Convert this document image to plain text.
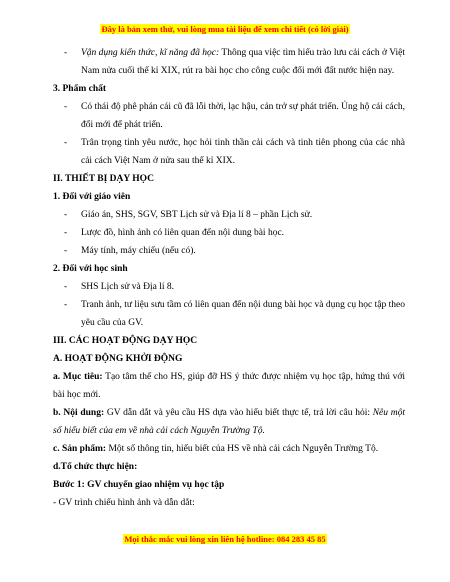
Đây là bản xem thử, vui lòng mua tài liệu để xem chi tiết (có lời giải)
- Vận dụng kiến thức, kĩ năng đã học: Thông qua việc tìm hiểu trào lưu cải cách ở Việt Nam nửa cuối thế kỉ XIX, rút ra bài học cho công cuộc đổi mới đất nước hiện nay.
3. Phẩm chất
- Có thái độ phê phán cái cũ đã lỗi thời, lạc hậu, cản trở sự phát triển. Ủng hộ cái cách, đổi mới để phát triển.
- Trân trọng tinh yêu nước, học hỏi tinh thần cải cách và tinh tiên phong của các nhà cải cách Việt Nam ở nửa sau thế kỉ XIX.
II. THIẾT BỊ DẠY HỌC
1. Đối với giáo viên
- Giáo án, SHS, SGV, SBT Lịch sử và Địa lí 8 – phần Lịch sử.
- Lược đồ, hình ảnh có liên quan đến nội dung bài học.
- Máy tính, máy chiếu (nếu có).
2. Đối với học sinh
- SHS Lịch sử và Địa lí 8.
- Tranh ảnh, tư liệu sưu tầm có liên quan đến nội dung bài học và dụng cụ học tập theo yêu cầu của GV.
III. CÁC HOẠT ĐỘNG DẠY HỌC
A. HOẠT ĐỘNG KHỞI ĐỘNG
a. Mục tiêu: Tạo tâm thế cho HS, giúp đỡ HS ý thức được nhiệm vụ học tập, hứng thú với bài học mới.
b. Nội dung: GV dẫn dắt và yêu cầu HS dựa vào hiểu biết thực tế, trả lời câu hỏi: Nêu một số hiểu biết của em về nhà cải cách Nguyễn Trường Tộ.
c. Sản phẩm: Một số thông tin, hiểu biết của HS về nhà cải cách Nguyễn Trường Tộ.
d.Tổ chức thực hiện:
Bước 1: GV chuyển giao nhiệm vụ học tập
- GV trình chiếu hình ảnh và dẫn dắt:
Mọi thắc mắc vui lòng xin liên hệ hotline: 084 283 45 85
